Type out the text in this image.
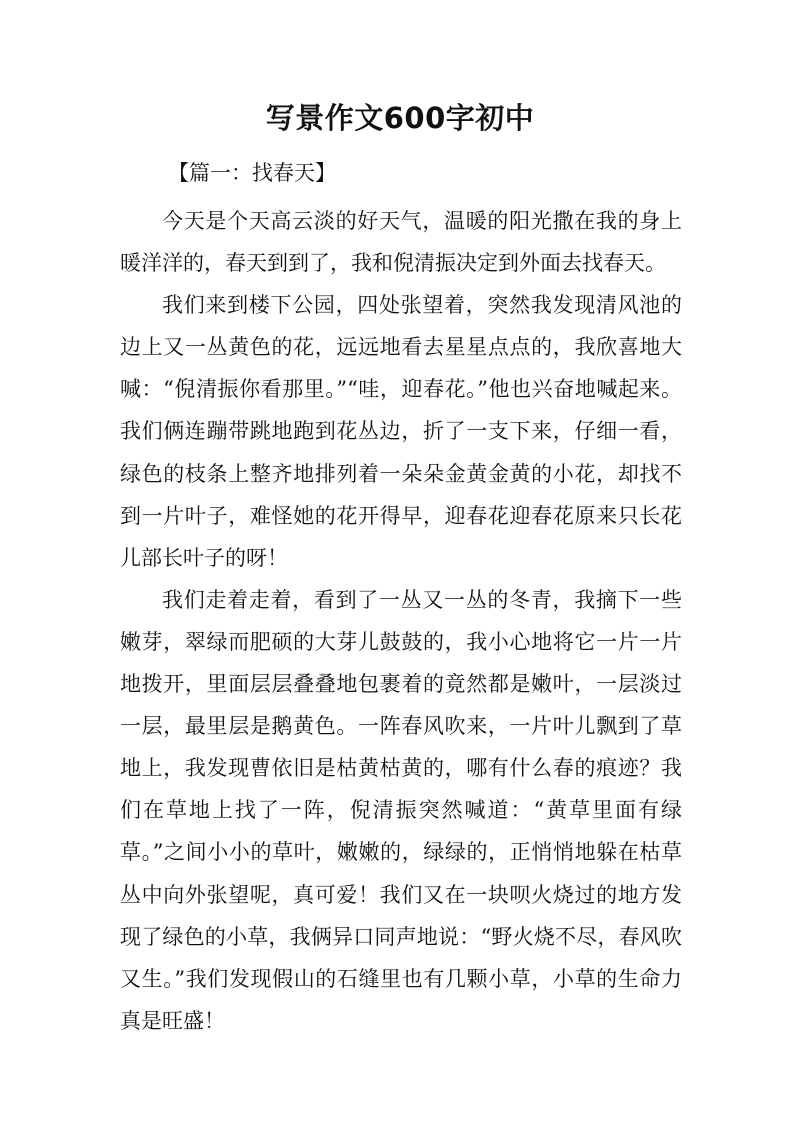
写景作文600字初中
【篇一：找春天】

今天是个天高云淡的好天气，温暖的阳光撒在我的身上暖洋洋的，春天到到了，我和倪清振决定到外面去找春天。

我们来到楼下公园，四处张望着，突然我发现清风池的边上又一丛黄色的花，远远地看去星星点点的，我欣喜地大喊：“倪清振你看那里。”“哇，迎春花。”他也兴奋地喊起来。我们俩连蹦带跳地跑到花丛边，折了一支下来，仔细一看，绿色的枝条上整齐地排列着一朵朵金黄金黄的小花，却找不到一片叶子，难怪她的花开得早，迎春花迎春花原来只长花儿部长叶子的呀！

我们走着走着，看到了一丛又一丛的冬青，我摘下一些嫩芽，翠绿而肥硕的大芽儿鼓鼓的，我小心地将它一片一片地拨开，里面层层叠叠地包裹着的竟然都是嫩叶，一层淡过一层，最里层是鹅黄色。一阵春风吹来，一片叶儿飘到了草地上，我发现曹依旧是枯黄枯黄的，哪有什么春的痕迹？我们在草地上找了一阵，倪清振突然喊道：“黄草里面有绿草。”之间小小的草叶，嫩嫩的，绿绿的，正悄悄地躲在枯草丛中向外张望呢，真可爱！我们又在一块呗火烧过的地方发现了绿色的小草，我俩异口同声地说：“野火烧不尽，春风吹又生。”我们发现假山的石缝里也有几颗小草，小草的生命力真是旺盛！
